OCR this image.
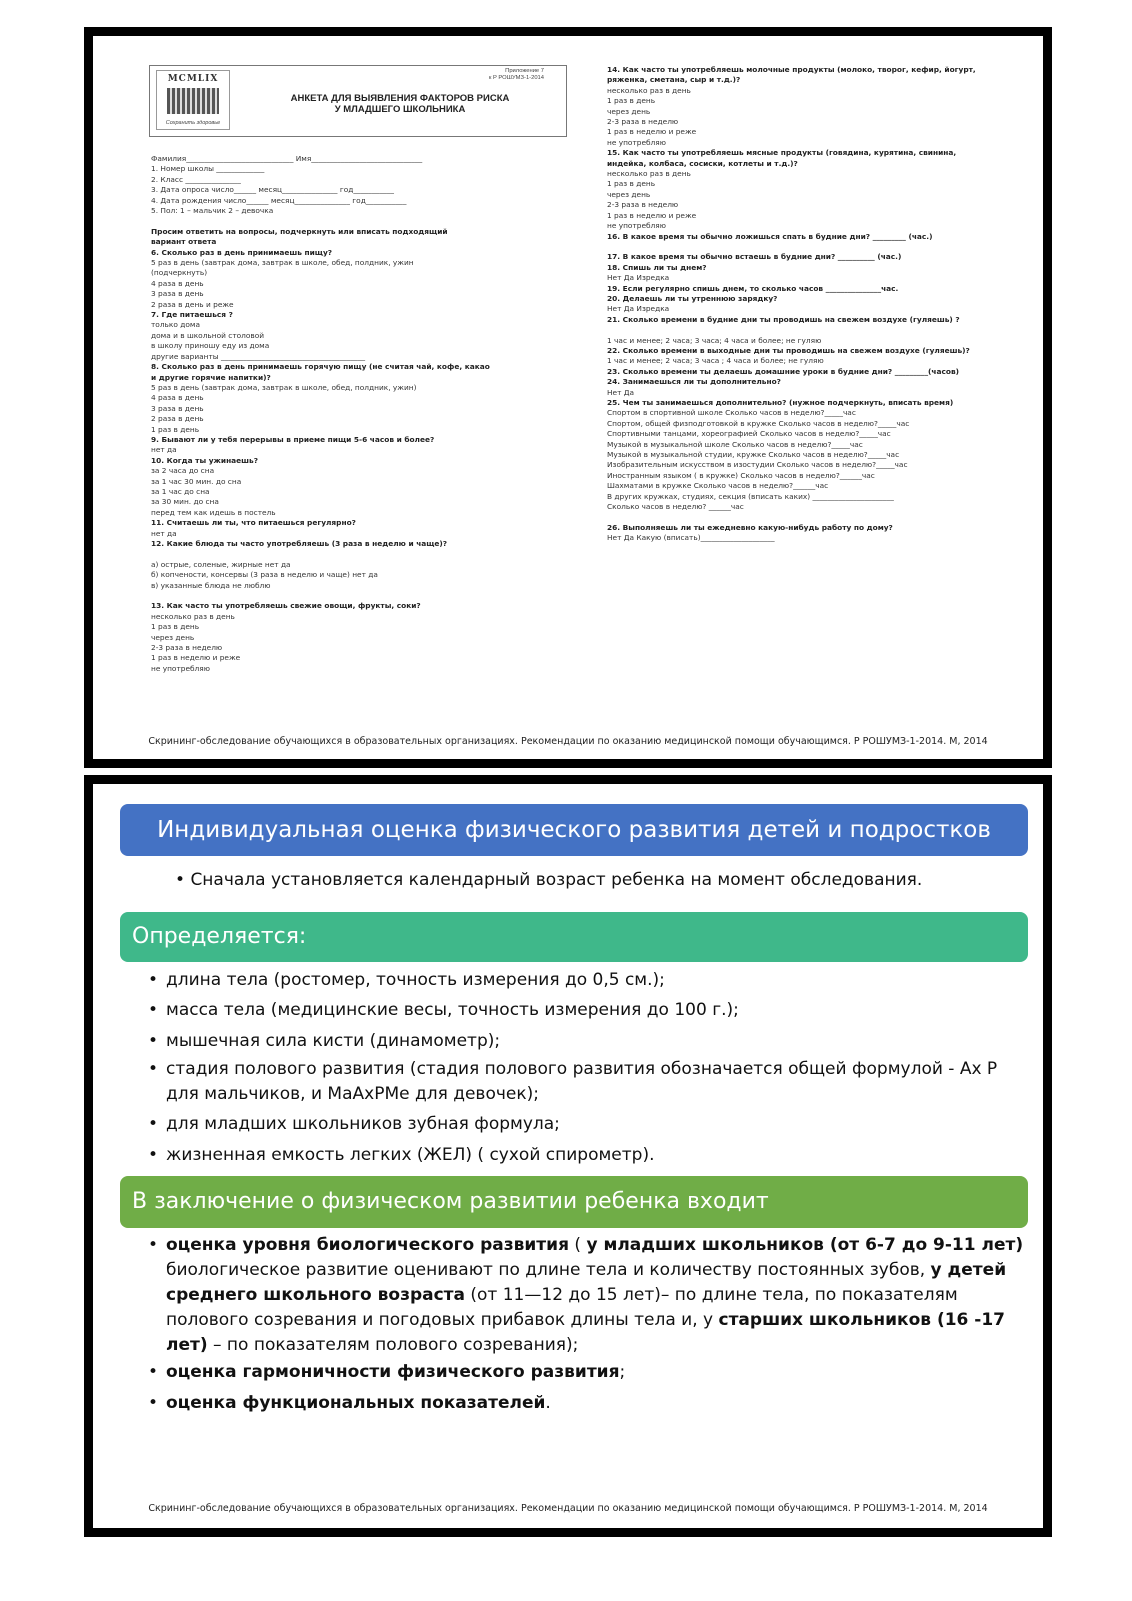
MCMLIX
Сохранить здоровье
Приложение 7
к Р РОШУМЗ-1-2014
АНКЕТА ДЛЯ ВЫЯВЛЕНИЯ ФАКТОРОВ РИСКА
У МЛАДШЕГО ШКОЛЬНИКА
Фамилия_____________________________ Имя______________________________
1. Номер школы _____________
2. Класс _______________
3. Дата опроса число______ месяц_______________ год___________
4. Дата рождения число______ месяц_______________ год___________
5. Пол: 1 – мальчик 2 – девочка
Просим ответить на вопросы, подчеркнуть или вписать подходящий
вариант ответа
6. Сколько раз в день принимаешь пищу?
5 раз в день (завтрак дома, завтрак в школе, обед, полдник, ужин
(подчеркнуть)
4 раза в день
3 раза в день
2 раза в день и реже
7. Где питаешься ?
только дома
дома и в школьной столовой
в школу приношу еду из дома
другие варианты _______________________________________
8. Сколько раз в день принимаешь горячую пищу (не считая чай, кофе, какао
и другие горячие напитки)?
5 раз в день (завтрак дома, завтрак в школе, обед, полдник, ужин)
4 раза в день
3 раза в день
2 раза в день
1 раз в день
9. Бывают ли у тебя перерывы в приеме пищи 5-6 часов и более?
нет да
10. Когда ты ужинаешь?
за 2 часа до сна
за 1 час 30 мин. до сна
за 1 час до сна
за 30 мин. до сна
перед тем как идешь в постель
11. Считаешь ли ты, что питаешься регулярно?
нет да
12. Какие блюда ты часто употребляешь (3 раза в неделю и чаще)?
а) острые, соленые, жирные нет да
б) копчености, консервы (3 раза в неделю и чаще) нет да
в) указанные блюда не люблю
13. Как часто ты употребляешь свежие овощи, фрукты, соки?
несколько раз в день
1 раз в день
через день
2-3 раза в неделю
1 раз в неделю и реже
не употребляю
14. Как часто ты употребляешь молочные продукты (молоко, творог, кефир, йогурт,
ряженка, сметана, сыр и т.д.)?
несколько раз в день
1 раз в день
через день
2-3 раза в неделю
1 раз в неделю и реже
не употребляю
15. Как часто ты употребляешь мясные продукты (говядина, курятина, свинина,
индейка, колбаса, сосиски, котлеты и т.д.)?
несколько раз в день
1 раз в день
через день
2-3 раза в неделю
1 раз в неделю и реже
не употребляю
16. В какое время ты обычно ложишься спать в будние дни? _________ (час.)
17. В какое время ты обычно встаешь в будние дни? __________ (час.)
18. Спишь ли ты днем?
Нет Да Изредка
19. Если регулярно спишь днем, то сколько часов _______________час.
20. Делаешь ли ты утреннюю зарядку?
Нет Да Изредка
21. Сколько времени в будние дни ты проводишь на свежем воздухе (гуляешь) ?
1 час и менее; 2 часа; 3 часа; 4 часа и более; не гуляю
22. Сколько времени в выходные дни ты проводишь на свежем воздухе (гуляешь)?
1 час и менее; 2 часа; 3 часа ; 4 часа и более; не гуляю
23. Сколько времени ты делаешь домашние уроки в будние дни? _________(часов)
24. Занимаешься ли ты дополнительно?
Нет Да
25. Чем ты занимаешься дополнительно? (нужное подчеркнуть, вписать время)
Спортом в спортивной школе Сколько часов в неделю?_____час
Спортом, общей физподготовкой в кружке Сколько часов в неделю?_____час
Спортивными танцами, хореографией Сколько часов в неделю?_____час
Музыкой в музыкальной школе Сколько часов в неделю?_____час
Музыкой в музыкальной студии, кружке Сколько часов в неделю?_____час
Изобразительным искусством в изостудии Сколько часов в неделю?_____час
Иностранным языком ( в кружке) Сколько часов в неделю?______час
Шахматами в кружке Сколько часов в неделю?______час
В других кружках, студиях, секция (вписать каких) ______________________
Сколько часов в неделю? ______час
26. Выполняешь ли ты ежедневно какую-нибудь работу по дому?
Нет Да Какую (вписать)____________________
Скрининг-обследование обучающихся в образовательных организациях. Рекомендации по оказанию медицинской помощи обучающимся. Р РОШУМЗ-1-2014. М, 2014
Индивидуальная оценка физического развития детей и подростков
• Сначала установляется календарный возраст ребенка на момент обследования.
Определяется:
• длина тела (ростомер, точность измерения до 0,5 см.);
• масса тела (медицинские весы, точность измерения до 100 г.);
• мышечная сила кисти (динамометр);
• стадия полового развития (стадия полового развития обозначается общей формулой - Ах Р для мальчиков, и МаАхРМе для девочек);
• для младших школьников зубная формула;
• жизненная емкость легких (ЖЕЛ) ( сухой спирометр).
В заключение о физическом развитии ребенка входит
• оценка уровня биологического развития ( у младших школьников (от 6-7 до 9-11 лет) биологическое развитие оценивают по длине тела и количеству постоянных зубов, у детей среднего школьного возраста (от 11—12 до 15 лет)– по длине тела, по показателям полового созревания и погодовых прибавок длины тела и, у старших школьников (16 -17 лет) – по показателям полового созревания);
• оценка гармоничности физического развития;
• оценка функциональных показателей.
Скрининг-обследование обучающихся в образовательных организациях. Рекомендации по оказанию медицинской помощи обучающимся. Р РОШУМЗ-1-2014. М, 2014
